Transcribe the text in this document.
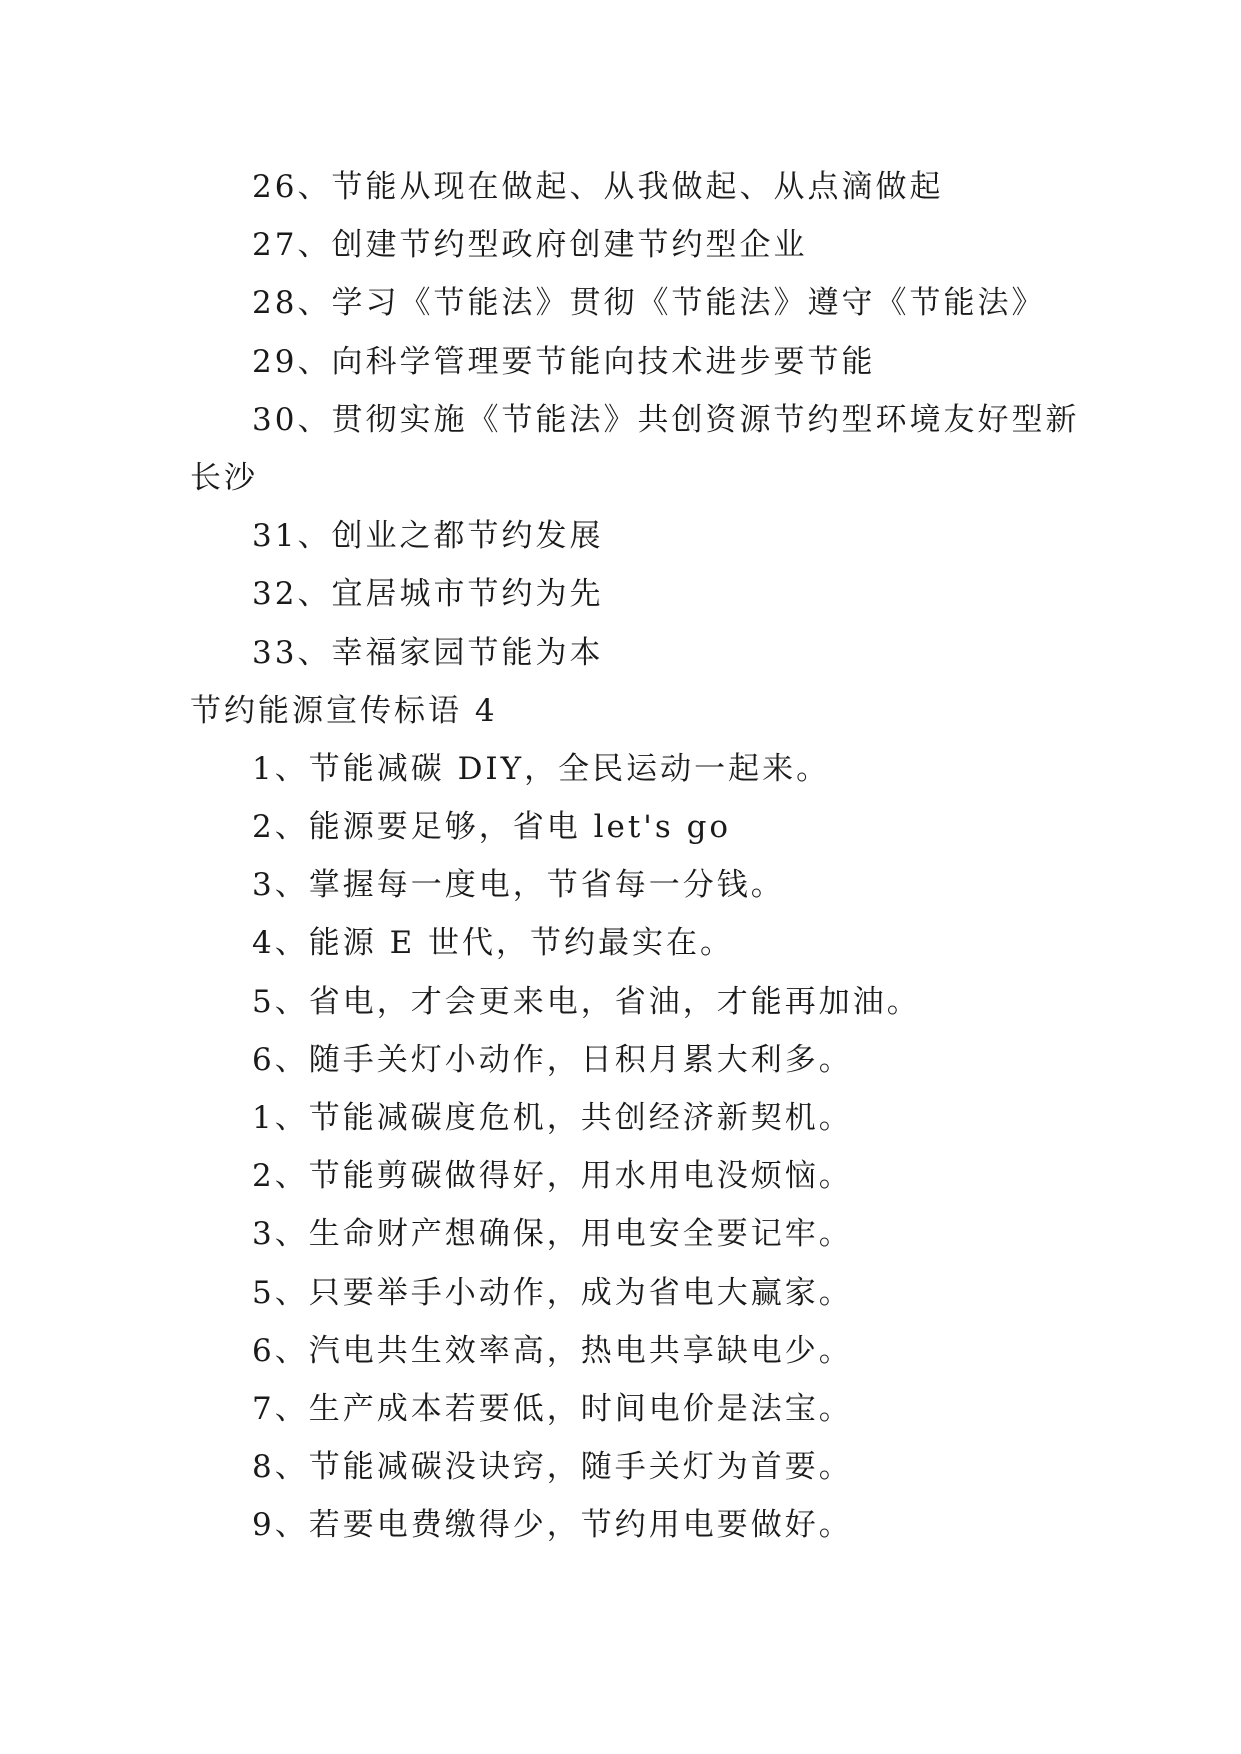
26、节能从现在做起、从我做起、从点滴做起

27、创建节约型政府创建节约型企业

28、学习《节能法》贯彻《节能法》遵守《节能法》

29、向科学管理要节能向技术进步要节能

30、贯彻实施《节能法》共创资源节约型环境友好型新

长沙

31、创业之都节约发展

32、宜居城市节约为先

33、幸福家园节能为本

节约能源宣传标语 4

1、节能减碳 DIY，全民运动一起来。

2、能源要足够，省电 let's go

3、掌握每一度电，节省每一分钱。

4、能源 E 世代，节约最实在。

5、省电，才会更来电，省油，才能再加油。

6、随手关灯小动作，日积月累大利多。

1、节能减碳度危机，共创经济新契机。

2、节能剪碳做得好，用水用电没烦恼。

3、生命财产想确保，用电安全要记牢。

5、只要举手小动作，成为省电大赢家。

6、汽电共生效率高，热电共享缺电少。

7、生产成本若要低，时间电价是法宝。

8、节能减碳没诀窍，随手关灯为首要。

9、若要电费缴得少，节约用电要做好。
